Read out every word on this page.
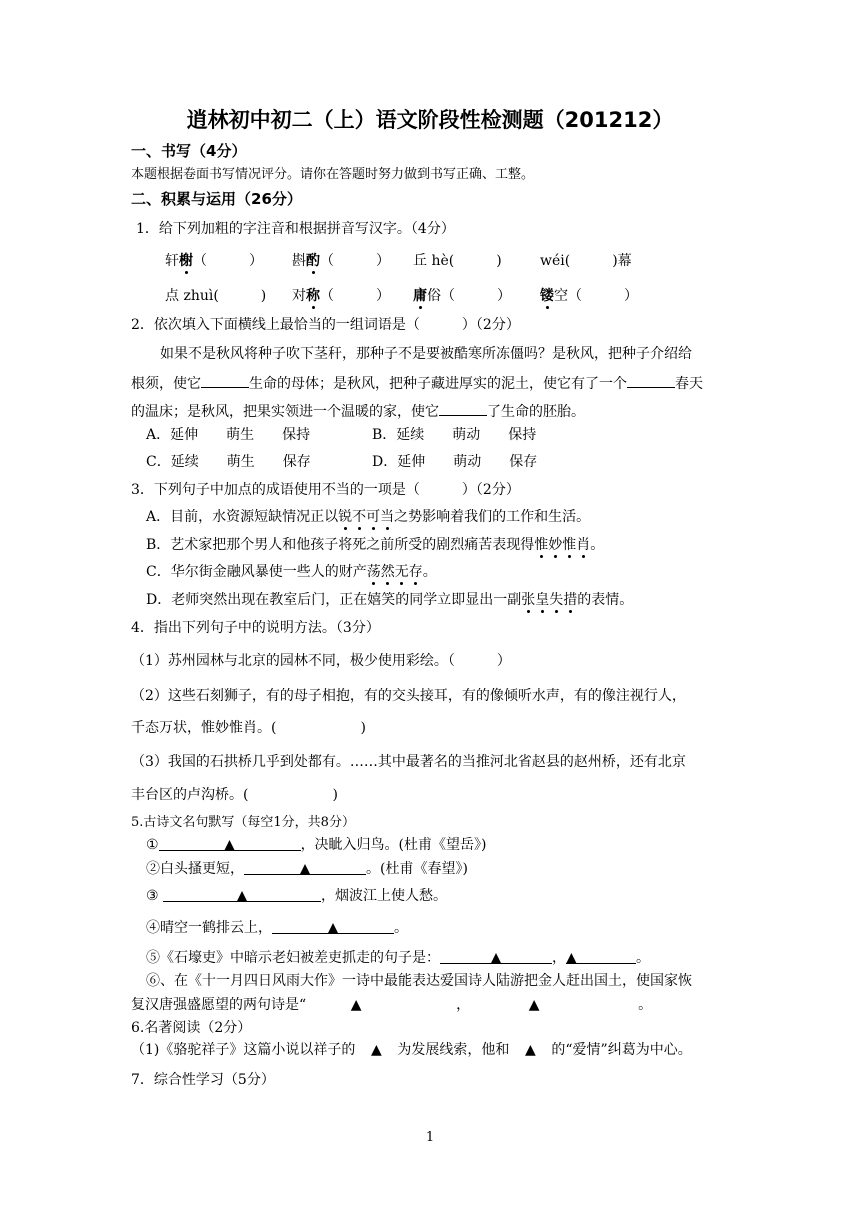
逍林初中初二（上）语文阶段性检测题（201212）
一、书写（4分）
本题根据卷面书写情况评分。请你在答题时努力做到书写正确、工整。
二、积累与运用（26分）
1．给下列加粗的字注音和根据拼音写汉字。（4分）
轩榭（　　　） 斟酌（　　　） 丘 hè(　　　)	wéi(　　　)幕
点 zhuì(　　　) 对称（　　　） 庸俗（　　　） 镂空（　　　）
2．依次填入下面横线上最恰当的一组词语是（　　　）（2分）
如果不是秋风将种子吹下茎秆，那种子不是要被酷寒所冻僵吗？是秋风，把种子介绍给
根须，使它	生命的母体；是秋风，把种子藏进厚实的泥土，使它有了一个	春天
的温床；是秋风，把果实领进一个温暖的家，使它	了生命的胚胎。
A．延伸　　萌生　　保持	B．延续　　萌动　　保持
C．延续　　萌生　　保存	D．延伸　　萌动　　保存
3．下列句子中加点的成语使用不当的一项是（　　　）（2分）
A．目前，水资源短缺情况正以锐不可当之势影响着我们的工作和生活。
B．艺术家把那个男人和他孩子将死之前所受的剧烈痛苦表现得惟妙惟肖。
C．华尔街金融风暴使一些人的财产荡然无存。
D．老师突然出现在教室后门，正在嬉笑的同学立即显出一副张皇失措的表情。
4．指出下列句子中的说明方法。（3分）
（1）苏州园林与北京的园林不同，极少使用彩绘。（　　　）
（2）这些石刻狮子，有的母子相抱，有的交头接耳，有的像倾听水声，有的像注视行人，
千态万状，惟妙惟肖。(　　　　　　)
（3）我国的石拱桥几乎到处都有。……其中最著名的当推河北省赵县的赵州桥，还有北京
丰台区的卢沟桥。(　　　　　　)
5.古诗文名句默写（每空1分，共8分）
①	▲	，决眦入归鸟。(杜甫《望岳》)
②白头搔更短，	▲	。(杜甫《春望》)
③	▲	，烟波江上使人愁。
④晴空一鹤排云上，	▲	。
⑤《石壕吏》中暗示老妇被差吏抓走的句子是：	▲	，▲	。
⑥、在《十一月四日风雨大作》一诗中最能表达爱国诗人陆游把金人赶出国土，使国家恢
复汉唐强盛愿望的两句诗是“	▲	，	▲	。
6.名著阅读（2分）
（1)《骆驼祥子》这篇小说以祥子的 ▲ 为发展线索，他和 ▲ 的“爱情”纠葛为中心。
7．综合性学习（5分）
1
